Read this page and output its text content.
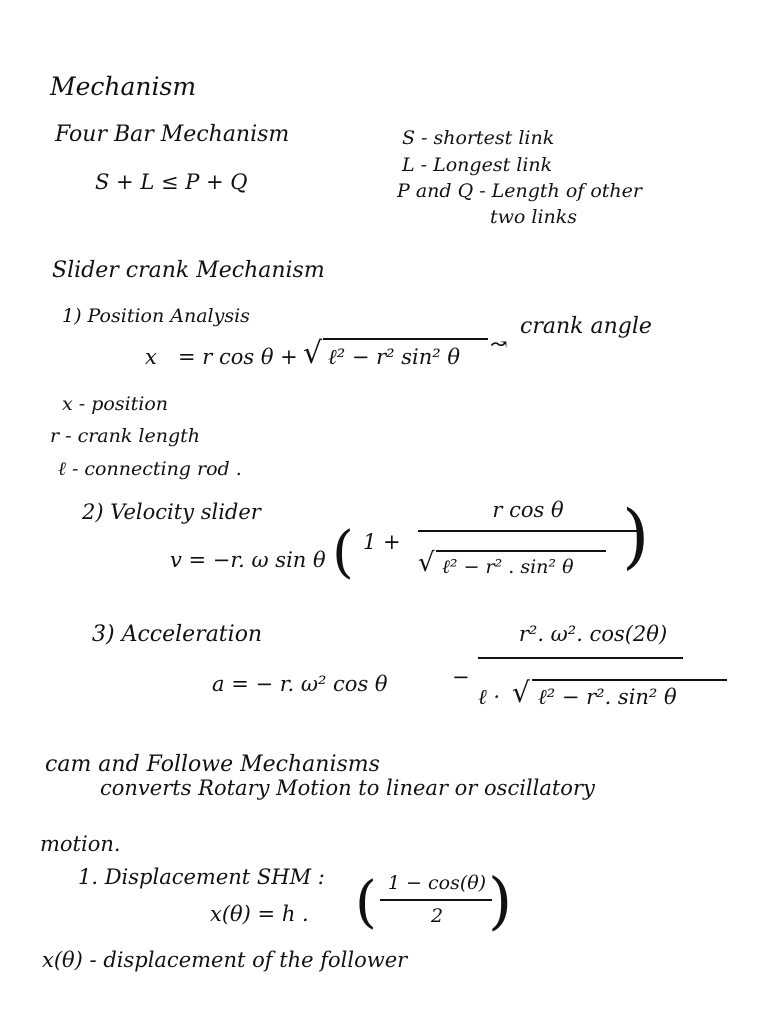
Mechanism
Four Bar Mechanism
S + L ≤ P + Q
S - shortest link
L - Longest link
P and Q - Length of other
two links
Slider crank Mechanism
1) Position Analysis
x = r cos θ + √ ℓ² − r² sin² θ
↝
crank angle
x - position
r - crank length
ℓ - connecting rod .
2) Velocity slider
v = −r. ω sin θ ( 1 +
r cos θ
√ ℓ² − r² . sin² θ )
3) Acceleration
a = − r. ω² cos θ	−
r². ω². cos(2θ)
ℓ · √ ℓ² − r². sin² θ
cam and Followe Mechanisms
converts Rotary Motion to linear or oscillatory
motion.
1. Displacement SHM :
x(θ) = h . ( 1 − cos(θ)
2 )
x(θ) - displacement of the follower
